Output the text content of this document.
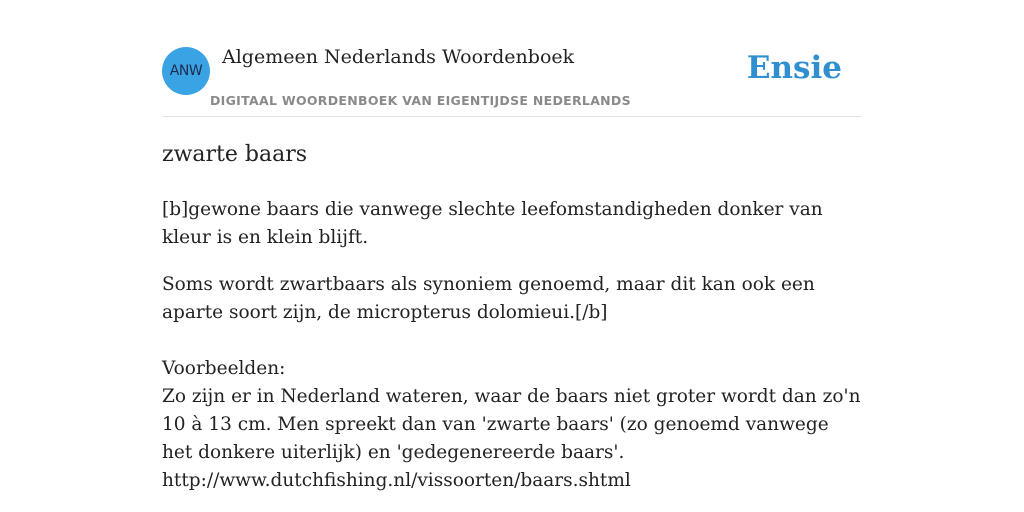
ANW
Algemeen Nederlands Woordenboek
DIGITAAL WOORDENBOEK VAN EIGENTIJDSE NEDERLANDS
Ensie
zwarte baars

[b]gewone baars die vanwege slechte leefomstandigheden donker van kleur is en klein blijft.

Soms wordt zwartbaars als synoniem genoemd, maar dit kan ook een aparte soort zijn, de micropterus dolomieui.[/b]

Voorbeelden:
Zo zijn er in Nederland wateren, waar de baars niet groter wordt dan zo'n 10 à 13 cm. Men spreekt dan van 'zwarte baars' (zo genoemd vanwege het donkere uiterlijk) en 'gedegenereerde baars'.
http://www.dutchfishing.nl/vissoorten/baars.shtml
